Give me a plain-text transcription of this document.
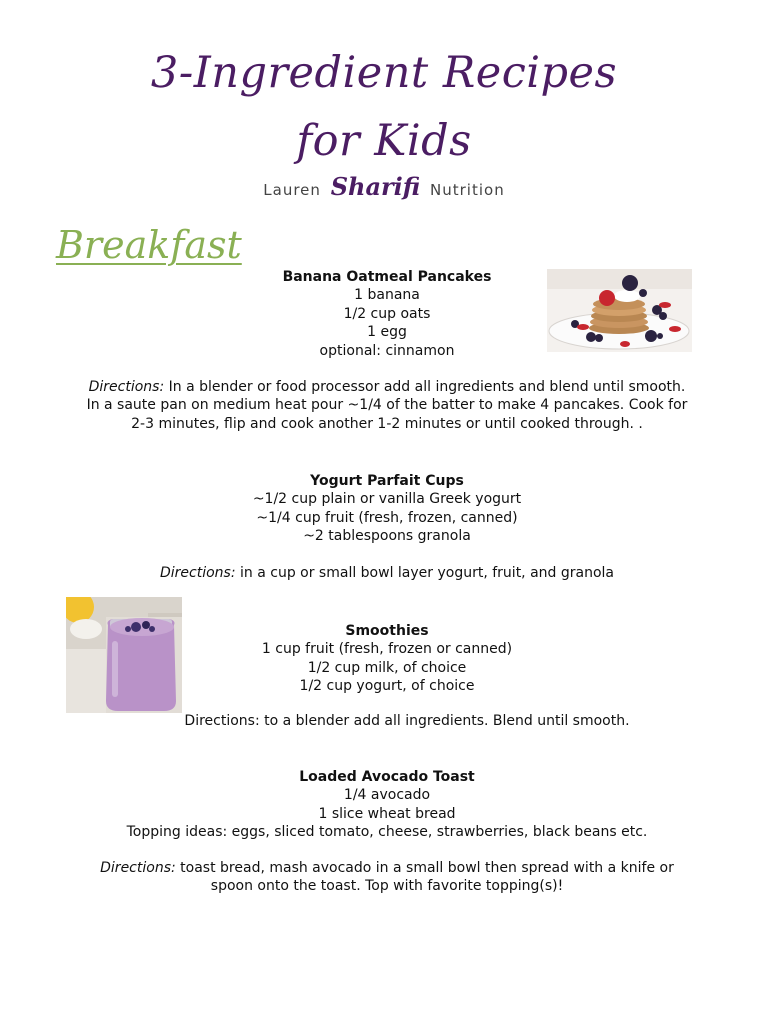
3-Ingredient Recipes
for Kids
Lauren Sharifi Nutrition
Breakfast

Banana Oatmeal Pancakes

1 banana

1/2 cup oats

1 egg

optional: cinnamon

Directions: In a blender or food processor add all ingredients and blend until smooth. In a saute pan on medium heat pour ~1/4 of the batter to make 4 pancakes. Cook for 2-3 minutes, flip and cook another 1-2 minutes or until cooked through. .

Yogurt Parfait Cups

~1/2 cup plain or vanilla Greek yogurt

~1/4 cup fruit (fresh, frozen, canned)

~2 tablespoons granola

Directions: in a cup or small bowl layer yogurt, fruit, and granola

Smoothies

1 cup fruit (fresh, frozen or canned)

1/2 cup milk, of choice

1/2 cup yogurt, of choice

Directions: to a blender add all ingredients. Blend until smooth.

Loaded Avocado Toast

1/4 avocado

1 slice wheat bread

Topping ideas: eggs, sliced tomato, cheese, strawberries, black beans etc.

Directions: toast bread, mash avocado in a small bowl then spread with a knife or spoon onto the toast. Top with favorite topping(s)!
